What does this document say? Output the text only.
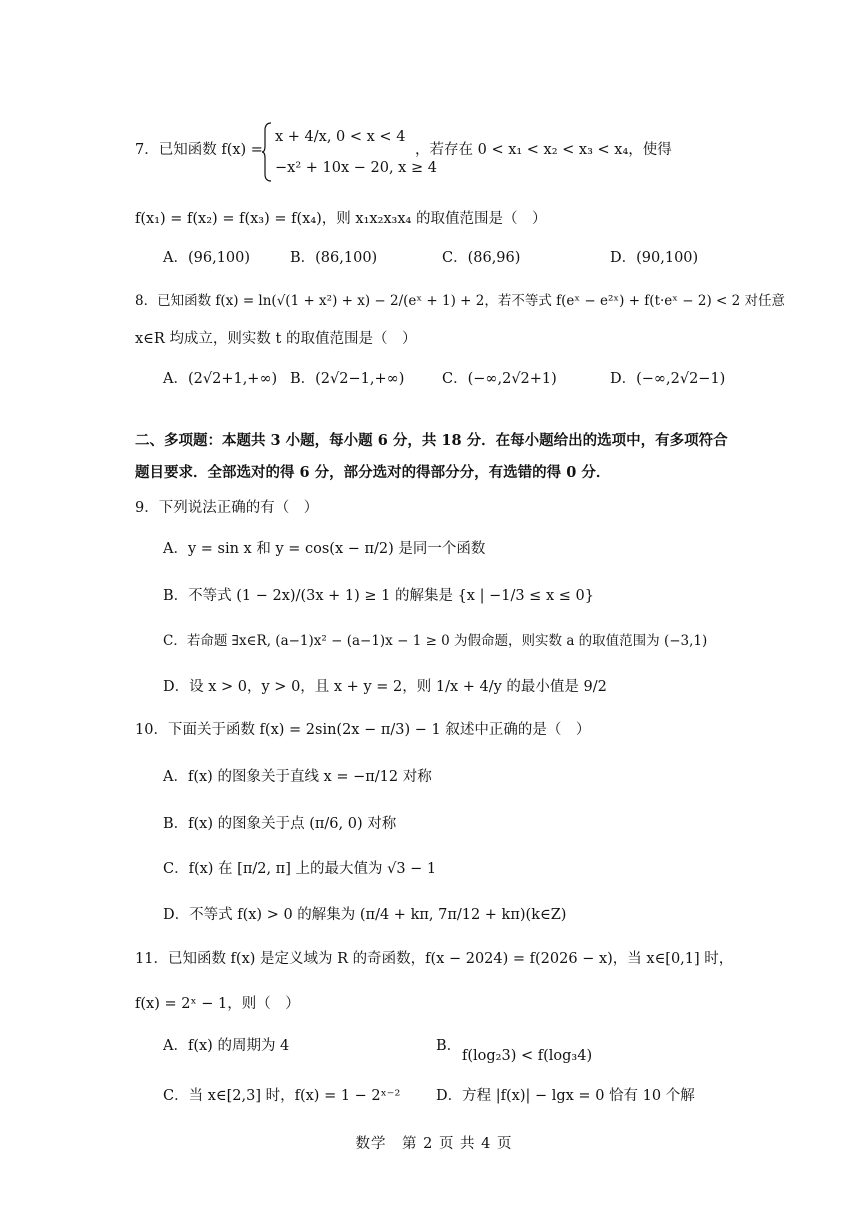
7．已知函数 f(x) =
x + 4/x, 0 < x < 4
−x² + 10x − 20, x ≥ 4
，若存在 0 < x₁ < x₂ < x₃ < x₄，使得
f(x₁) = f(x₂) = f(x₃) = f(x₄)，则 x₁x₂x₃x₄ 的取值范围是（　）
A．(96,100)	B．(86,100)	C．(86,96)	D．(90,100)
8．已知函数 f(x) = ln(√(1 + x²) + x) − 2/(eˣ + 1) + 2，若不等式 f(eˣ − e²ˣ) + f(t·eˣ − 2) < 2 对任意
x∈R 均成立，则实数 t 的取值范围是（　）
A．(2√2+1,+∞) B．(2√2−1,+∞)	C．(−∞,2√2+1)	D．(−∞,2√2−1)
二、多项题：本题共 3 小题，每小题 6 分，共 18 分．在每小题给出的选项中，有多项符合
题目要求．全部选对的得 6 分，部分选对的得部分分，有选错的得 0 分．
9．下列说法正确的有（　）
A．y = sin x 和 y = cos(x − π/2) 是同一个函数
B．不等式 (1 − 2x)/(3x + 1) ≥ 1 的解集是 {x | −1/3 ≤ x ≤ 0}
C．若命题 ∃x∈R, (a−1)x² − (a−1)x − 1 ≥ 0 为假命题，则实数 a 的取值范围为 (−3,1)
D．设 x > 0，y > 0，且 x + y = 2，则 1/x + 4/y 的最小值是 9/2
10．下面关于函数 f(x) = 2sin(2x − π/3) − 1 叙述中正确的是（　）
A．f(x) 的图象关于直线 x = −π/12 对称
B．f(x) 的图象关于点 (π/6, 0) 对称
C．f(x) 在 [π/2, π] 上的最大值为 √3 − 1
D．不等式 f(x) > 0 的解集为 (π/4 + kπ, 7π/12 + kπ)(k∈Z)
11．已知函数 f(x) 是定义域为 R 的奇函数，f(x − 2024) = f(2026 − x)，当 x∈[0,1] 时，
f(x) = 2ˣ − 1，则（　）
A．f(x) 的周期为 4	B．
f(log₂3) < f(log₃4)
C．当 x∈[2,3] 时，f(x) = 1 − 2ˣ⁻² D．方程 |f(x)| − lgx = 0 恰有 10 个解
数学　第 2 页 共 4 页
